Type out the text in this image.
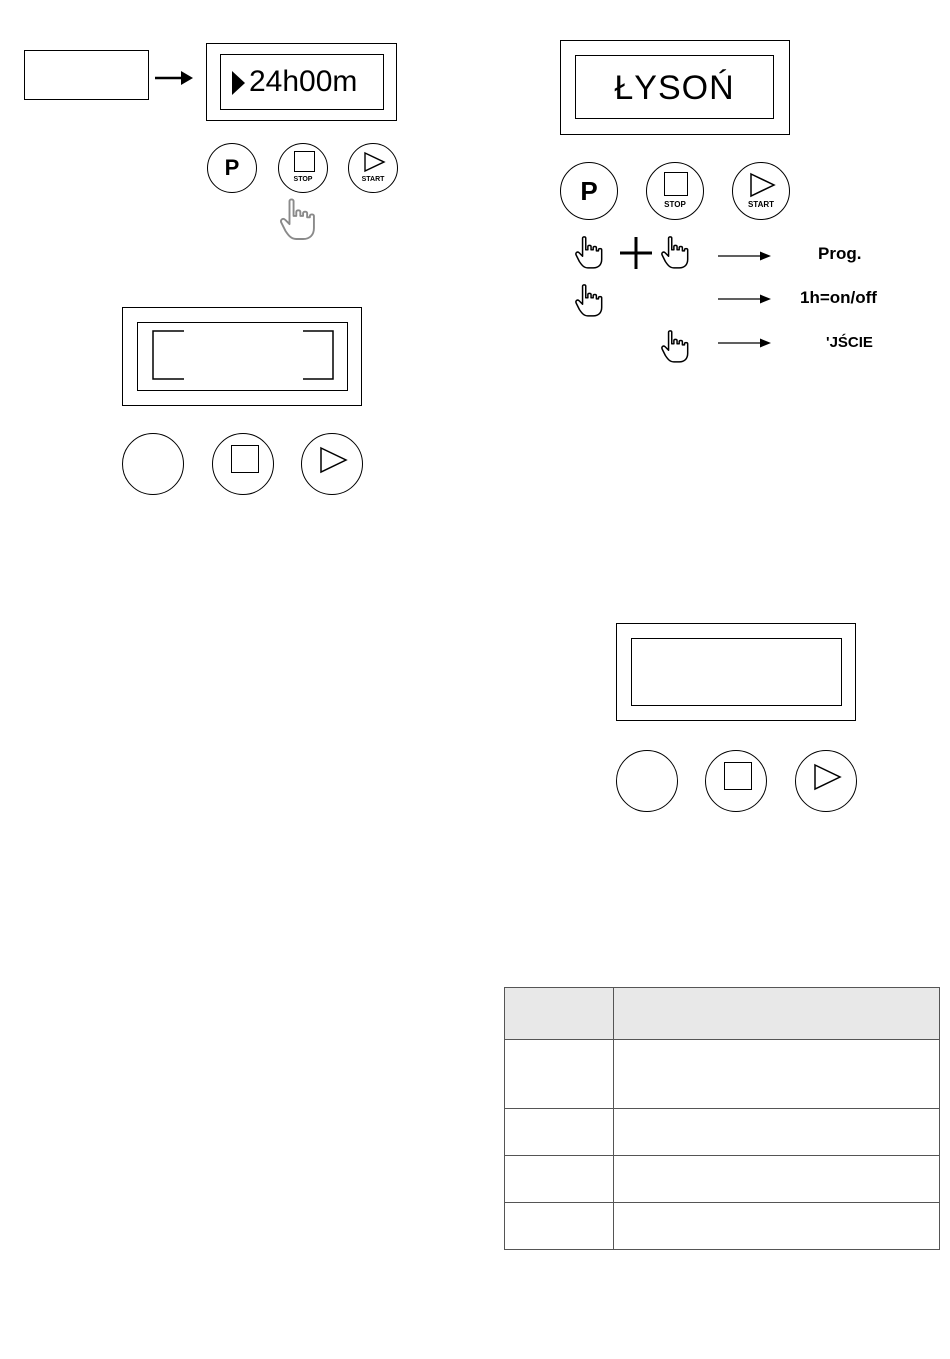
24h00m
P	STOP	START
ŁYSOŃ
P	STOP	START
Prog.
1h=on/off
'JŚCIE
